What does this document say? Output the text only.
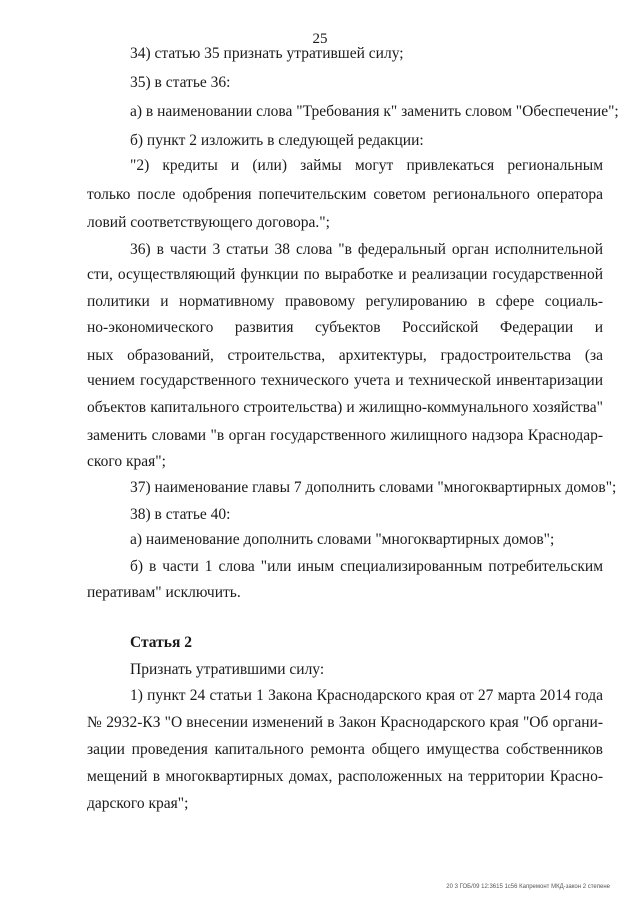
25
34) статью 35 признать утратившей силу;
35) в статье 36:
а) в наименовании слова "Требования к" заменить словом "Обеспечение";
б) пункт 2 изложить в следующей редакции:
"2) кредиты и (или) займы могут привлекаться региональным
только после одобрения попечительским советом регионального оператора
ловий соответствующего договора.";
36) в части 3 статьи 38 слова "в федеральный орган исполнительной
сти, осуществляющий функции по выработке и реализации государственной
политики и нормативному правовому регулированию в сфере социаль-
но-экономического развития субъектов Российской Федерации и
ных образований, строительства, архитектуры, градостроительства (за
чением государственного технического учета и технической инвентаризации
объектов капитального строительства) и жилищно-коммунального хозяйства"
заменить словами "в орган государственного жилищного надзора Краснодар-
ского края";
37) наименование главы 7 дополнить словами "многоквартирных домов";
38) в статье 40:
а) наименование дополнить словами "многоквартирных домов";
б) в части 1 слова "или иным специализированным потребительским
перативам" исключить.
Статья 2
Признать утратившими силу:
1) пункт 24 статьи 1 Закона Краснодарского края от 27 марта 2014 года
№ 2932-КЗ "О внесении изменений в Закон Краснодарского края "Об органи-
зации проведения капитального ремонта общего имущества собственников
мещений в многоквартирных домах, расположенных на территории Красно-
дарского края";
20 3 ГОБ/09 12:3615 1с56 Капремонт МКД-закон 2 степене
